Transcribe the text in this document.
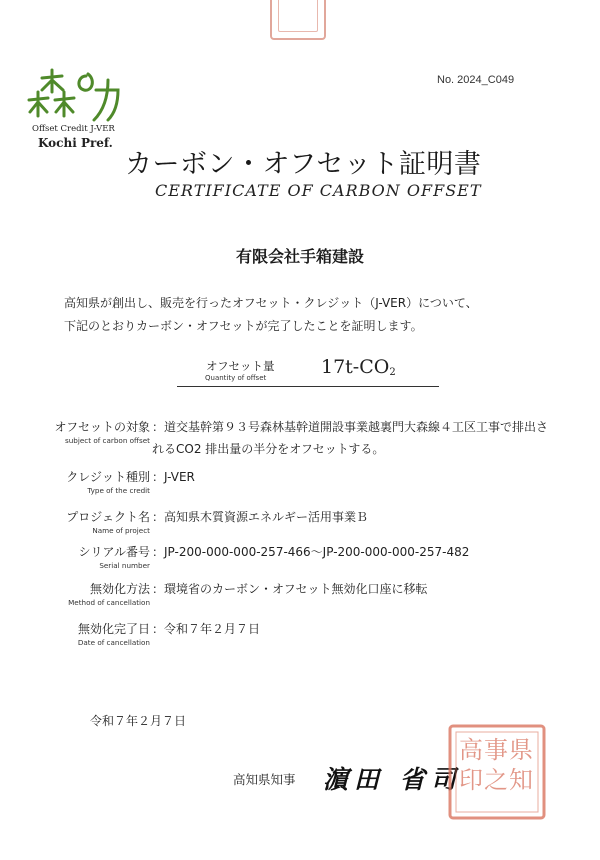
Offset Credit J-VER
Kochi Pref.
No. 2024_C049
カーボン・オフセット証明書
CERTIFICATE OF CARBON OFFSET
有限会社手箱建設
高知県が創出し、販売を行ったオフセット・クレジット（J-VER）について、
下記のとおりカーボン・オフセットが完了したことを証明します。
オフセット量
Quantity of offset	$17t-CO_2$
オフセットの対象
subject of carbon offset
：道交基幹第９３号森林基幹道開設事業越裏門大森線４工区工事で排出さ
れるCO2 排出量の半分をオフセットする。
クレジット種別
Type of the credit
：J-VER
プロジェクト名
Name of project
：高知県木質資源エネルギー活用事業Ｂ
シリアル番号
Serial number
：JP-200-000-000-257-466～JP-200-000-000-257-482
無効化方法
Method of cancellation
：環境省のカーボン・オフセット無効化口座に移転
無効化完了日
Date of cancellation
：令和７年２月７日
令和７年２月７日
高知県知事 濵田 省司
県
知
事
之
高
印
